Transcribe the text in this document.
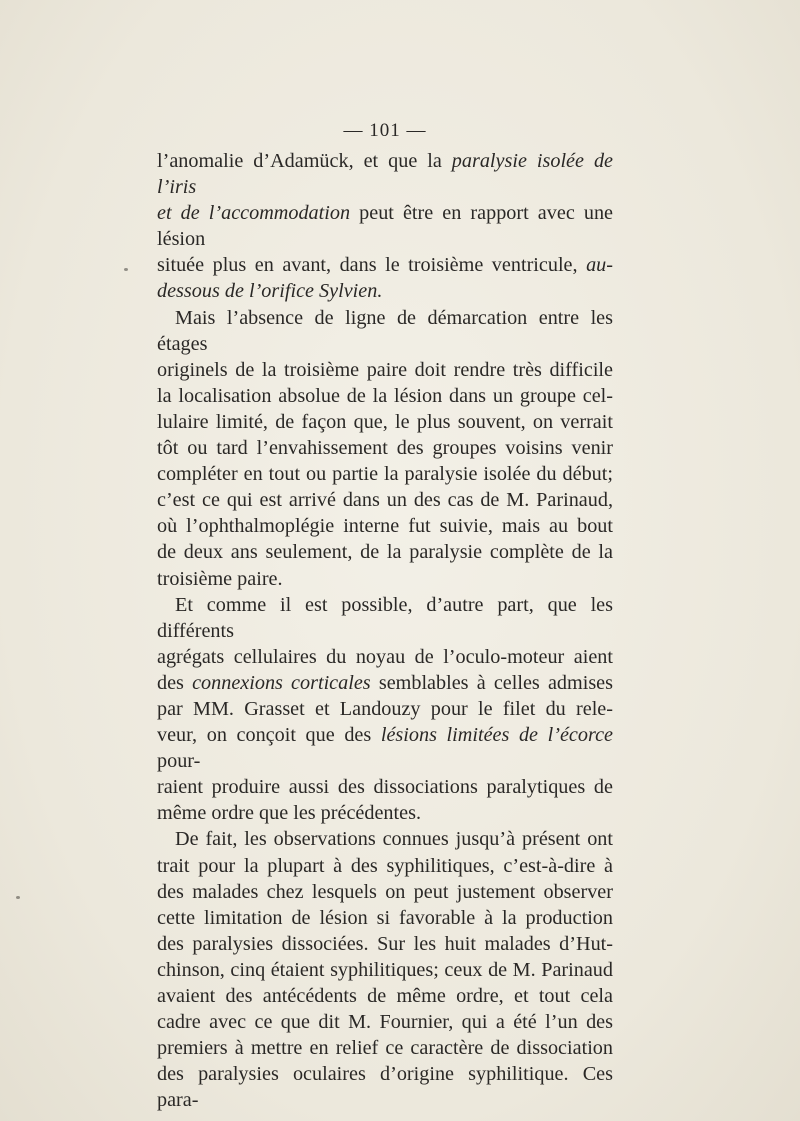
— 101 —

l’anomalie d’Adamück, et que la paralysie isolée de l’iris
et de l’accommodation peut être en rapport avec une lésion
située plus en avant, dans le troisième ventricule, au-
dessous de l’orifice Sylvien.

Mais l’absence de ligne de démarcation entre les étages
originels de la troisième paire doit rendre très difficile
la localisation absolue de la lésion dans un groupe cel-
lulaire limité, de façon que, le plus souvent, on verrait
tôt ou tard l’envahissement des groupes voisins venir
compléter en tout ou partie la paralysie isolée du début;
c’est ce qui est arrivé dans un des cas de M. Parinaud,
où l’ophthalmoplégie interne fut suivie, mais au bout
de deux ans seulement, de la paralysie complète de la
troisième paire.

Et comme il est possible, d’autre part, que les différents
agrégats cellulaires du noyau de l’oculo-moteur aient
des connexions corticales semblables à celles admises
par MM. Grasset et Landouzy pour le filet du rele-
veur, on conçoit que des lésions limitées de l’écorce pour-
raient produire aussi des dissociations paralytiques de
même ordre que les précédentes.

De fait, les observations connues jusqu’à présent ont
trait pour la plupart à des syphilitiques, c’est-à-dire à
des malades chez lesquels on peut justement observer
cette limitation de lésion si favorable à la production
des paralysies dissociées. Sur les huit malades d’Hut-
chinson, cinq étaient syphilitiques; ceux de M. Parinaud
avaient des antécédents de même ordre, et tout cela
cadre avec ce que dit M. Fournier, qui a été l’un des
premiers à mettre en relief ce caractère de dissociation
des paralysies oculaires d’origine syphilitique. Ces para-
